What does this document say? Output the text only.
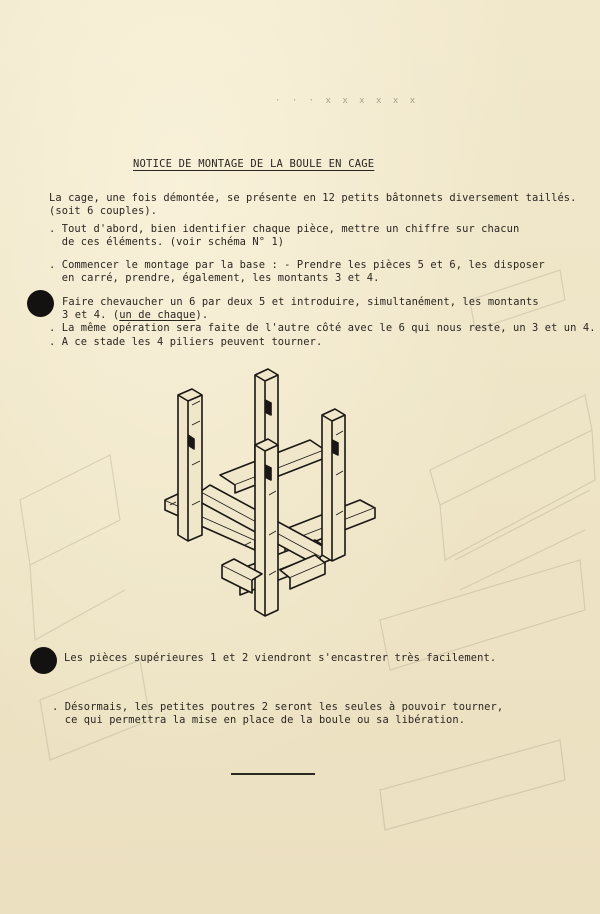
· · · x x x x x x
NOTICE DE MONTAGE DE LA BOULE EN CAGE
La cage, une fois démontée, se présente en 12 petits bâtonnets diversement taillés.
(soit 6 couples).
. Tout d'abord, bien identifier chaque pièce, mettre un chiffre sur chacun
de ces éléments. (voir schéma N° 1)
. Commencer le montage par la base : - Prendre les pièces 5 et 6, les disposer
en carré, prendre, également, les montants 3 et 4.
Faire chevaucher un 6 par deux 5 et introduire, simultanément, les montants
3 et 4. (un de chaque).
. La même opération sera faite de l'autre côté avec le 6 qui nous reste, un 3 et un 4.
. A ce stade les 4 piliers peuvent tourner.
Les pièces supérieures 1 et 2 viendront s'encastrer très facilement.
. Désormais, les petites poutres 2 seront les seules à pouvoir tourner,
ce qui permettra la mise en place de la boule ou sa libération.
